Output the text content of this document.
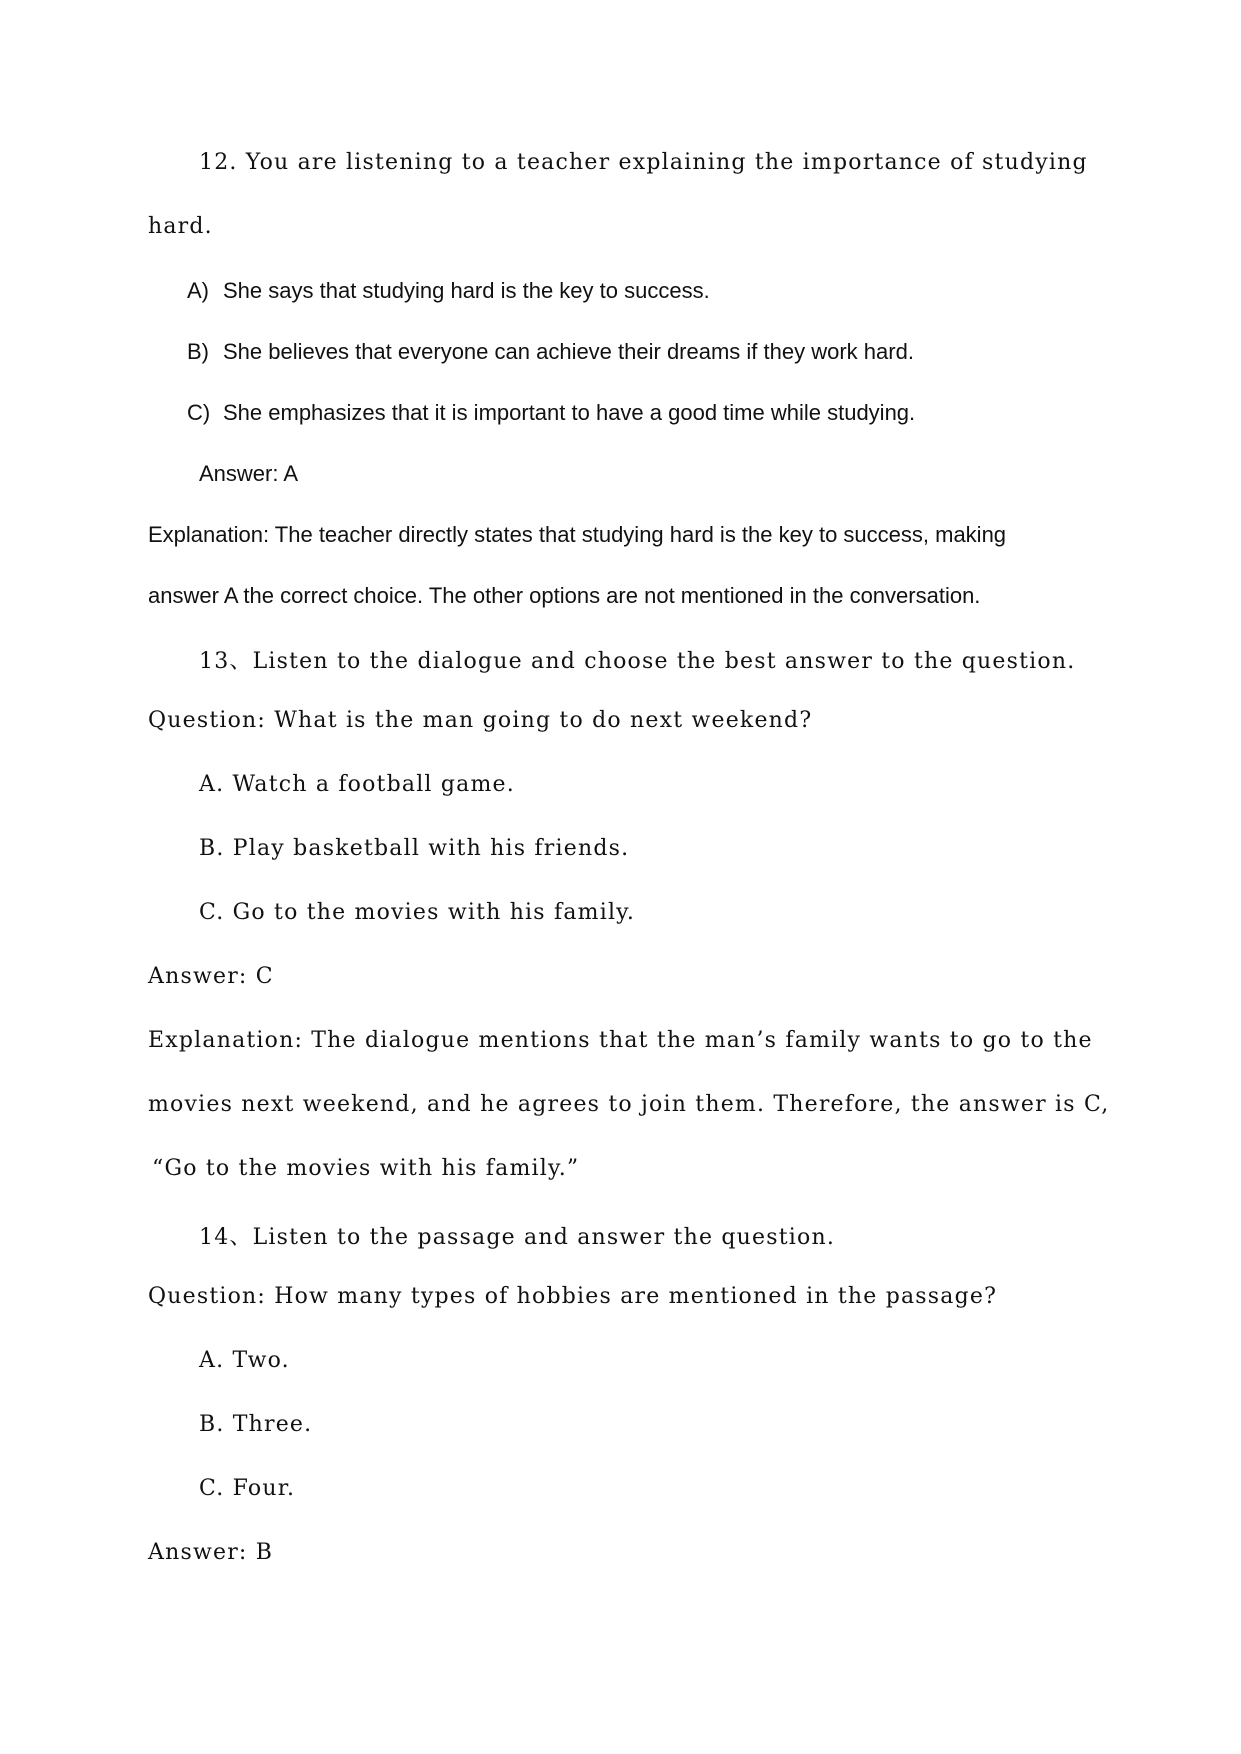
12. You are listening to a teacher explaining the importance of studying
hard.
A) She says that studying hard is the key to success.
B) She believes that everyone can achieve their dreams if they work hard.
C) She emphasizes that it is important to have a good time while studying.
Answer: A
Explanation: The teacher directly states that studying hard is the key to success, making
answer A the correct choice. The other options are not mentioned in the conversation.
13、Listen to the dialogue and choose the best answer to the question.
Question: What is the man going to do next weekend?
A. Watch a football game.
B. Play basketball with his friends.
C. Go to the movies with his family.
Answer: C
Explanation: The dialogue mentions that the man’s family wants to go to the
movies next weekend, and he agrees to join them. Therefore, the answer is C,
“Go to the movies with his family.”
14、Listen to the passage and answer the question.
Question: How many types of hobbies are mentioned in the passage?
A. Two.
B. Three.
C. Four.
Answer: B
